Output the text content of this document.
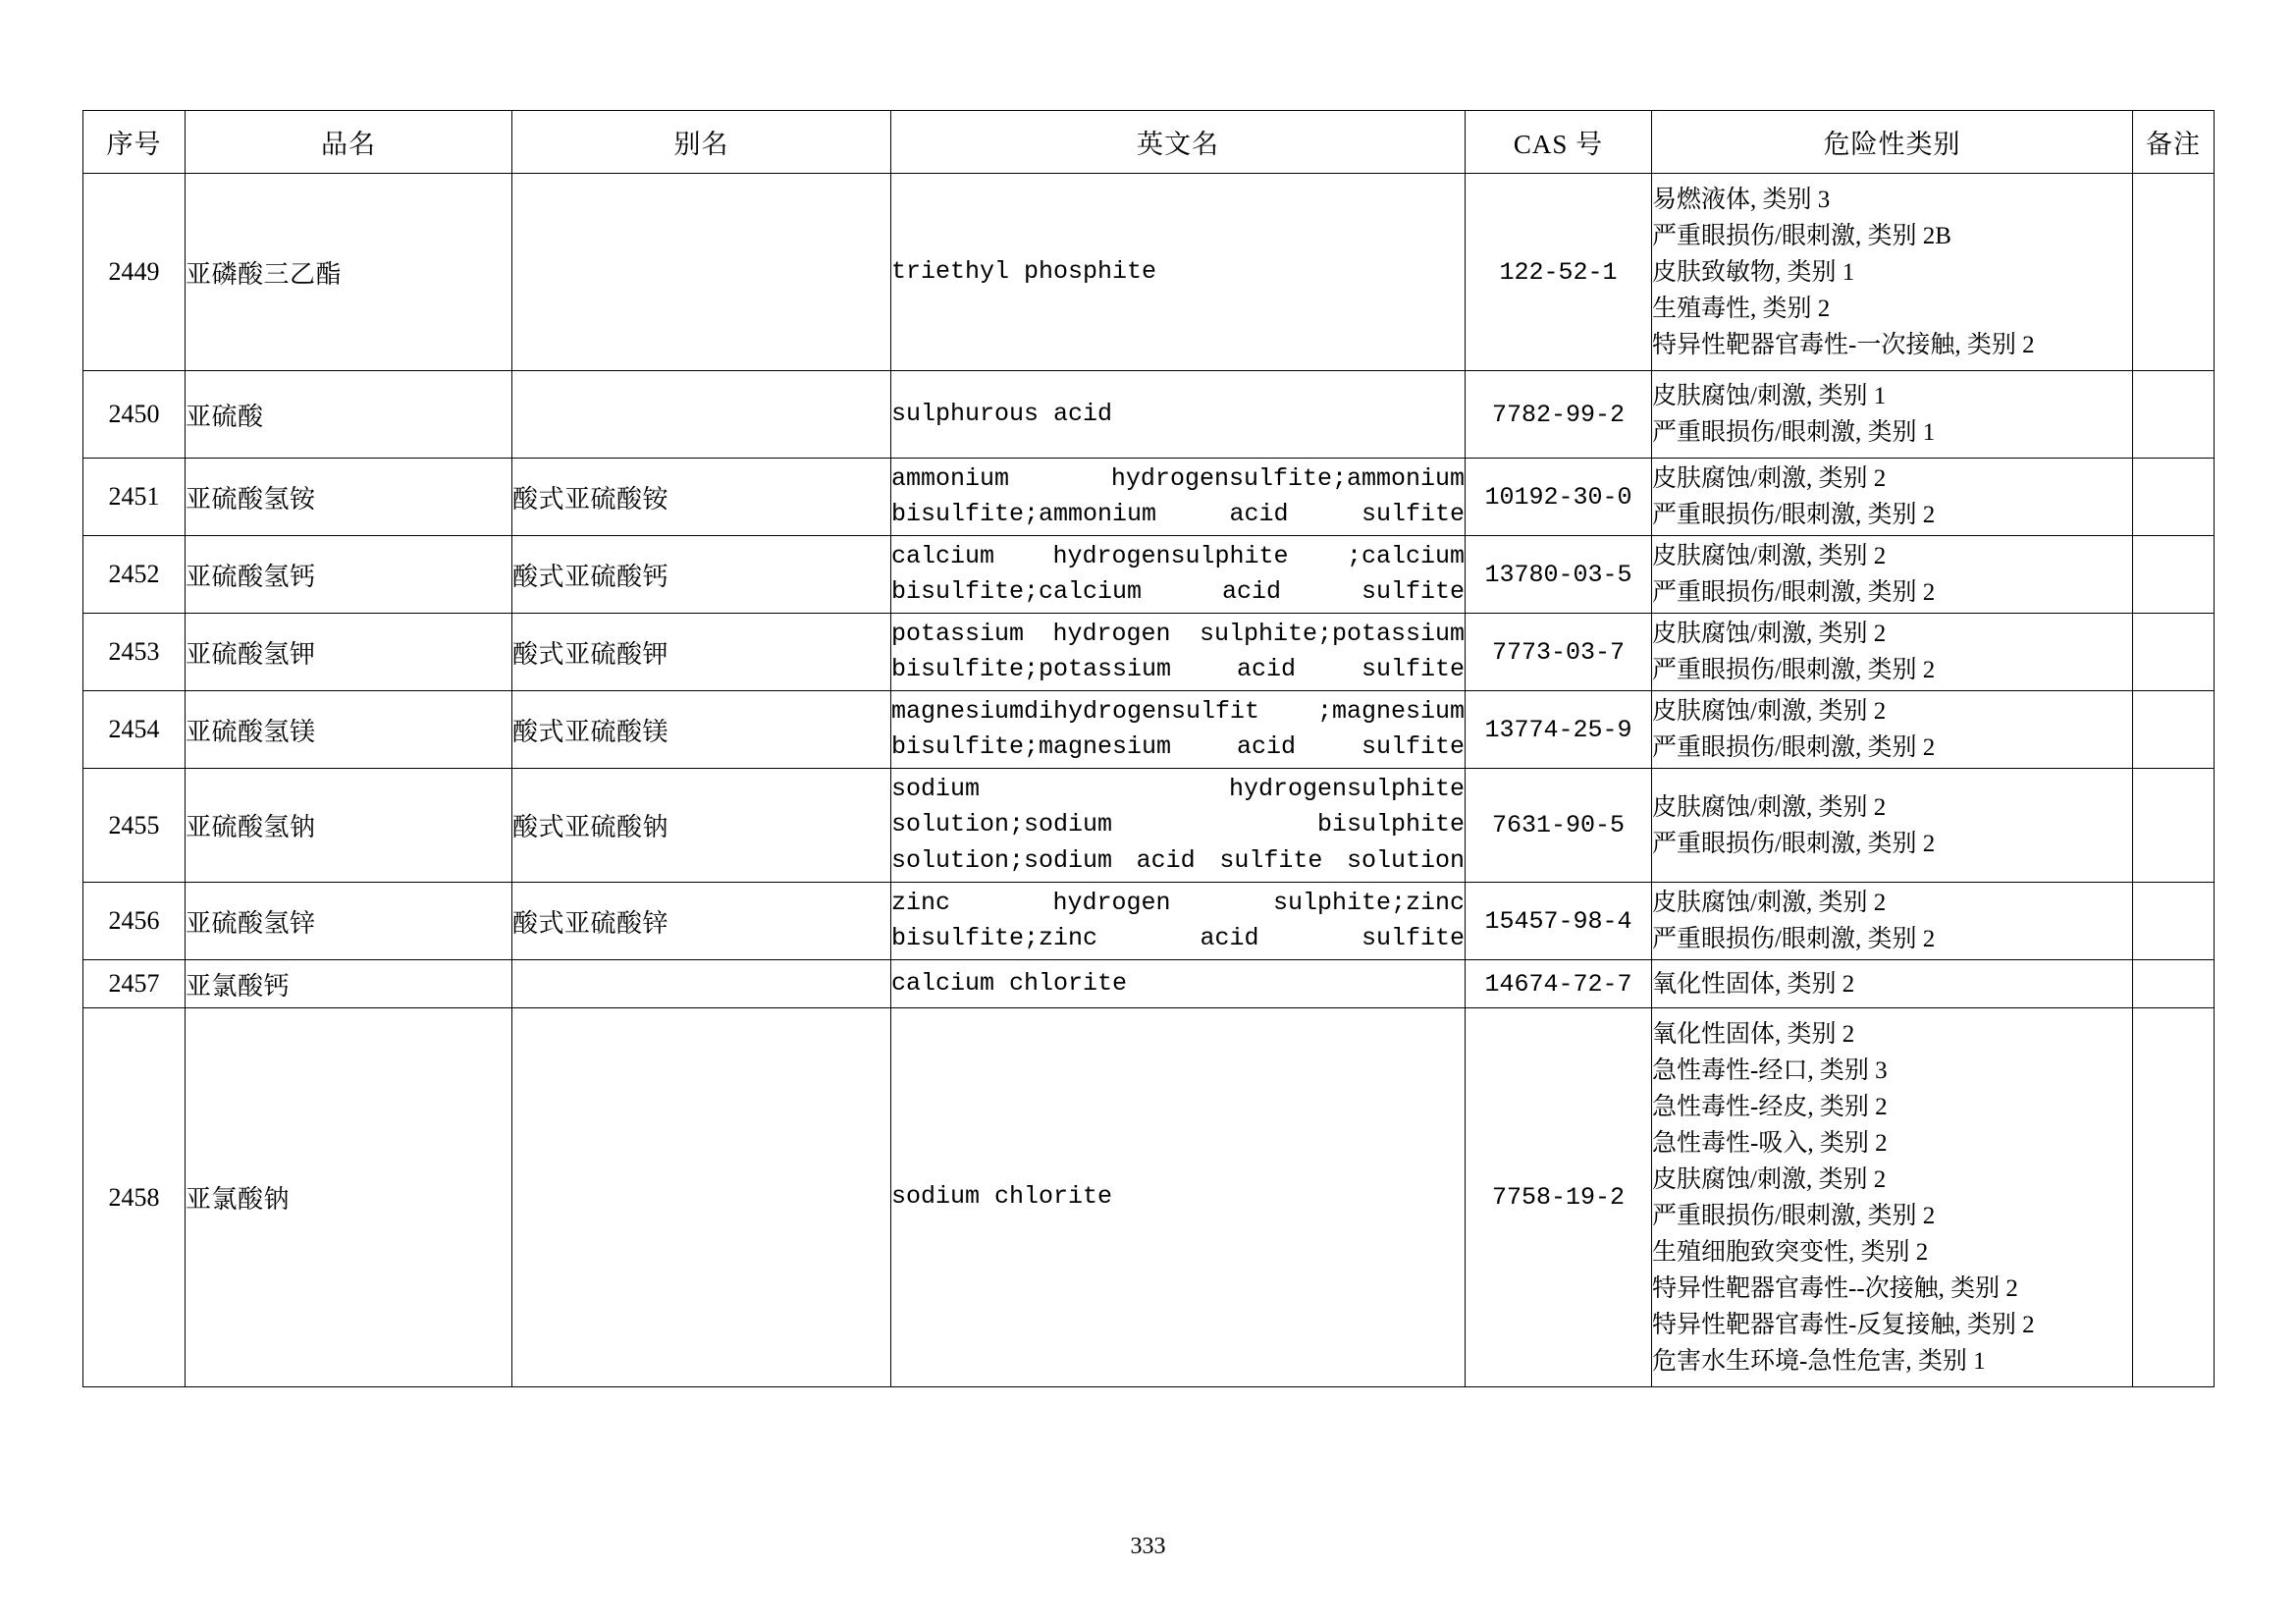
序号	品名	别名	英文名	CAS 号	危险性类别	备注
2449	亚磷酸三乙酯		triethyl phosphite	122-52-1	易燃液体, 类别 3
严重眼损伤/眼刺激, 类别 2B
皮肤致敏物, 类别 1
生殖毒性, 类别 2
特异性靶器官毒性-一次接触, 类别 2	

2450	亚硫酸		sulphurous acid	7782-99-2	皮肤腐蚀/刺激, 类别 1
严重眼损伤/眼刺激, 类别 1	

2451	亚硫酸氢铵	酸式亚硫酸铵	ammonium hydrogensulfite;ammonium bisulfite;ammonium acid sulfite	10192-30-0	皮肤腐蚀/刺激, 类别 2
严重眼损伤/眼刺激, 类别 2	

2452	亚硫酸氢钙	酸式亚硫酸钙	calcium hydrogensulphite ;calcium bisulfite;calcium acid sulfite	13780-03-5	皮肤腐蚀/刺激, 类别 2
严重眼损伤/眼刺激, 类别 2	

2453	亚硫酸氢钾	酸式亚硫酸钾	potassium hydrogen sulphite;potassium bisulfite;potassium acid sulfite	7773-03-7	皮肤腐蚀/刺激, 类别 2
严重眼损伤/眼刺激, 类别 2	

2454	亚硫酸氢镁	酸式亚硫酸镁	magnesiumdihydrogensulfit ;magnesium bisulfite;magnesium acid sulfite	13774-25-9	皮肤腐蚀/刺激, 类别 2
严重眼损伤/眼刺激, 类别 2	

2455	亚硫酸氢钠	酸式亚硫酸钠	sodium hydrogensulphite solution;sodium bisulphite solution;sodium acid sulfite solution	7631-90-5	皮肤腐蚀/刺激, 类别 2
严重眼损伤/眼刺激, 类别 2	

2456	亚硫酸氢锌	酸式亚硫酸锌	zinc hydrogen sulphite;zinc bisulfite;zinc acid sulfite	15457-98-4	皮肤腐蚀/刺激, 类别 2
严重眼损伤/眼刺激, 类别 2	

2457	亚氯酸钙		calcium chlorite	14674-72-7	氧化性固体, 类别 2	

2458	亚氯酸钠		sodium chlorite	7758-19-2	
氧化性固体, 类别 2
急性毒性-经口, 类别 3
急性毒性-经皮, 类别 2
急性毒性-吸入, 类别 2
皮肤腐蚀/刺激, 类别 2
严重眼损伤/眼刺激, 类别 2
生殖细胞致突变性, 类别 2
特异性靶器官毒性--次接触, 类别 2
特异性靶器官毒性-反复接触, 类别 2
危害水生环境-急性危害, 类别 1

333
